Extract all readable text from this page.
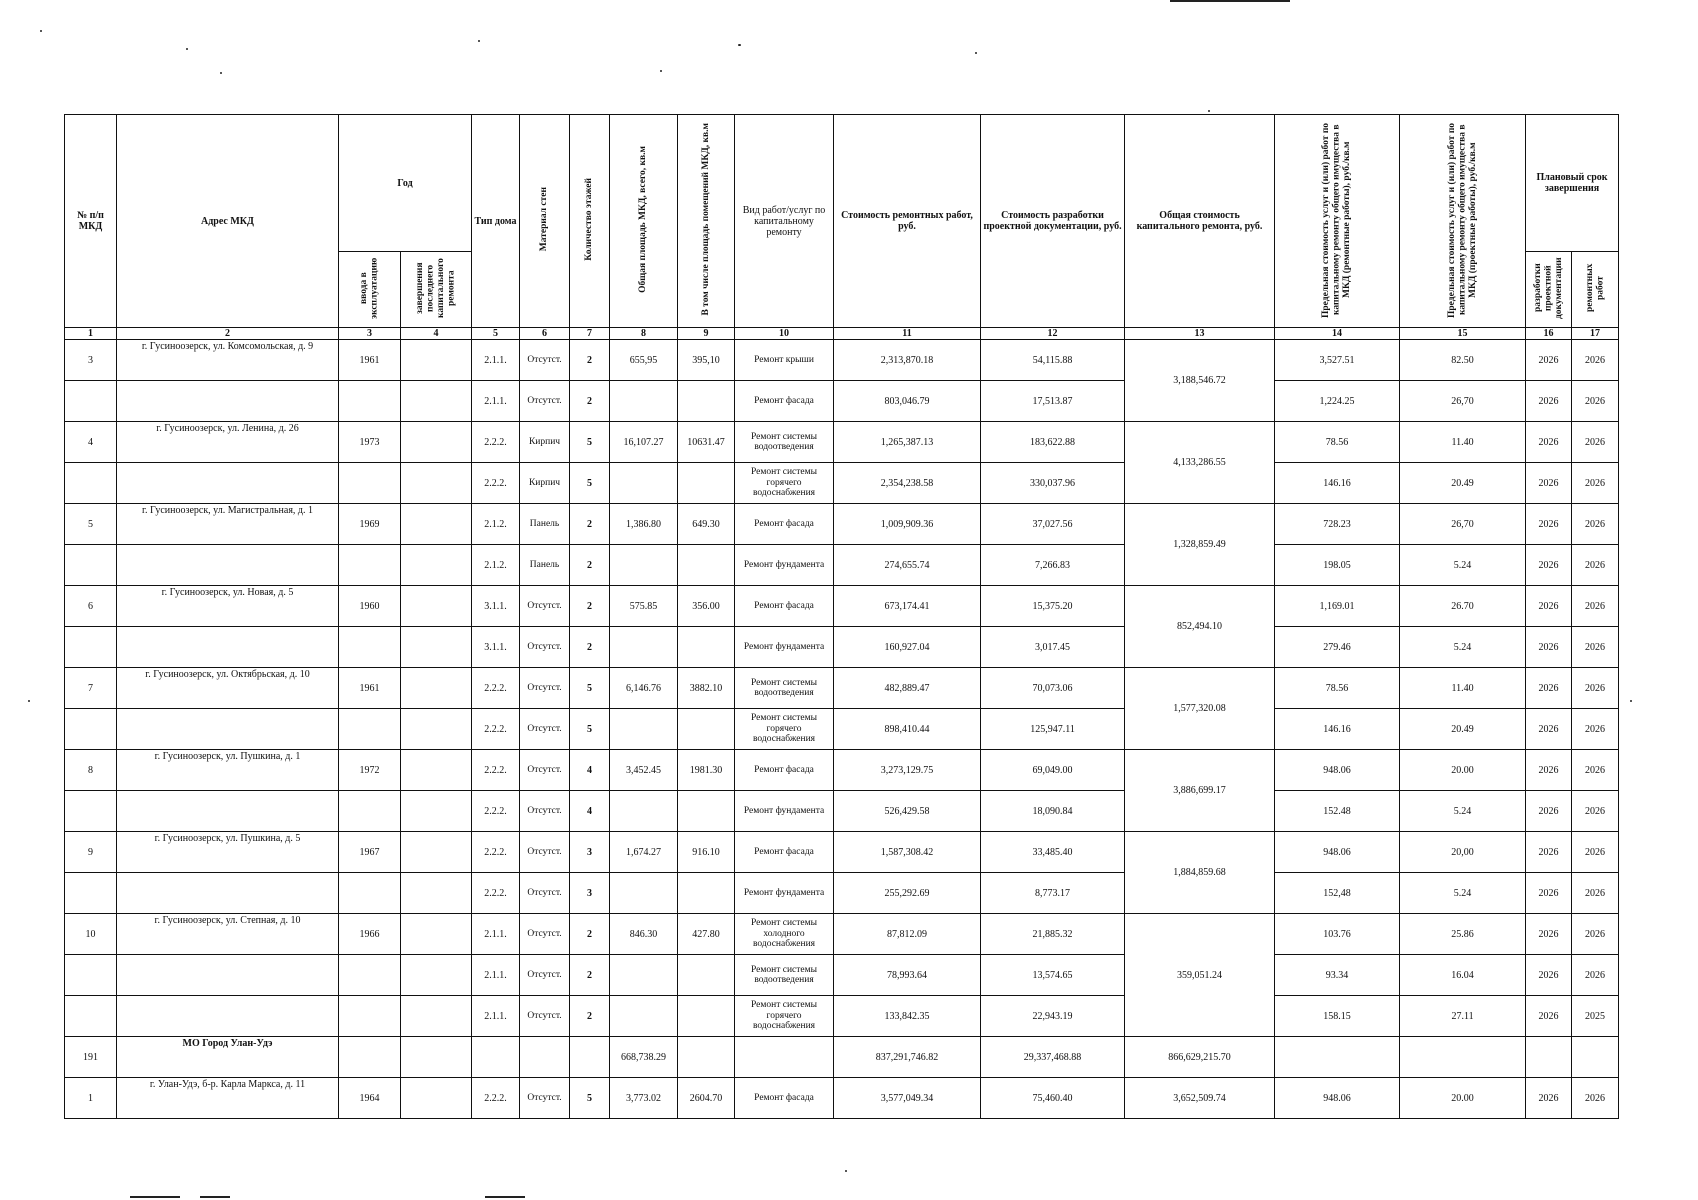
№ п/п МКД	Адрес МКД	Год		Тип дома	Материал стен	Количество этажей	Общая площадь МКД, всего, кв.м	В том числе площадь помещений МКД, кв.м	Вид работ/услуг по капитальному ремонту	Стоимость ремонтных работ, руб.	Стоимость разработки проектной документации, руб.	Общая стоимость капитального ремонта, руб.	Предельная стоимость услуг и (или) работ по капитальному ремонту общего имущества в МКД (ремонтные работы), руб./кв.м	Предельная стоимость услуг и (или) работ по капитальному ремонту общего имущества в МКД (проектные работы), руб./кв.м	Плановый срок завершения	
		ввода в эксплуатацию	завершения последнего капитального ремонта												разработки проектной документации	ремонтных работ
1	2	3	4	5	6	7	8	9	10	11	12	13	14	15	16	17
3	г. Гусиноозерск, ул. Комсомольская, д. 9	1961		2.1.1.	Отсутст.	2	655,95	395,10	Ремонт крыши	2,313,870.18	54,115.88	3,188,546.72	3,527.51	82.50	2026	2026
				2.1.1.	Отсутст.	2			Ремонт фасада	803,046.79	17,513.87		1,224.25	26,70	2026	2026
4	г. Гусиноозерск, ул. Ленина, д. 26	1973		2.2.2.	Кирпич	5	16,107.27	10631.47	Ремонт системы водоотведения	1,265,387.13	183,622.88	4,133,286.55	78.56	11.40	2026	2026
				2.2.2.	Кирпич	5			Ремонт системы горячего водоснабжения	2,354,238.58	330,037.96		146.16	20.49	2026	2026
5	г. Гусиноозерск, ул. Магистральная, д. 1	1969		2.1.2.	Панель	2	1,386.80	649.30	Ремонт фасада	1,009,909.36	37,027.56	1,328,859.49	728.23	26,70	2026	2026
				2.1.2.	Панель	2			Ремонт фундамента	274,655.74	7,266.83		198.05	5.24	2026	2026
6	г. Гусиноозерск, ул. Новая, д. 5	1960		3.1.1.	Отсутст.	2	575.85	356.00	Ремонт фасада	673,174.41	15,375.20	852,494.10	1,169.01	26.70	2026	2026
				3.1.1.	Отсутст.	2			Ремонт фундамента	160,927.04	3,017.45		279.46	5.24	2026	2026
7	г. Гусиноозерск, ул. Октябрьская, д. 10	1961		2.2.2.	Отсутст.	5	6,146.76	3882.10	Ремонт системы водоотведения	482,889.47	70,073.06	1,577,320.08	78.56	11.40	2026	2026
				2.2.2.	Отсутст.	5			Ремонт системы горячего водоснабжения	898,410.44	125,947.11		146.16	20.49	2026	2026
8	г. Гусиноозерск, ул. Пушкина, д. 1	1972		2.2.2.	Отсутст.	4	3,452.45	1981.30	Ремонт фасада	3,273,129.75	69,049.00	3,886,699.17	948.06	20.00	2026	2026
				2.2.2.	Отсутст.	4			Ремонт фундамента	526,429.58	18,090.84		152.48	5.24	2026	2026
9	г. Гусиноозерск, ул. Пушкина, д. 5	1967		2.2.2.	Отсутст.	3	1,674.27	916.10	Ремонт фасада	1,587,308.42	33,485.40	1,884,859.68	948.06	20,00	2026	2026
				2.2.2.	Отсутст.	3			Ремонт фундамента	255,292.69	8,773.17		152,48	5.24	2026	2026
10	г. Гусиноозерск, ул. Степная, д. 10	1966		2.1.1.	Отсутст.	2	846.30	427.80	Ремонт системы холодного водоснабжения	87,812.09	21,885.32	359,051.24	103.76	25.86	2026	2026
				2.1.1.	Отсутст.	2			Ремонт системы водоотведения	78,993.64	13,574.65		93.34	16.04	2026	2026
				2.1.1.	Отсутст.	2			Ремонт системы горячего водоснабжения	133,842.35	22,943.19		158.15	27.11	2026	2025
191	МО Город Улан-Удэ						668,738.29			837,291,746.82	29,337,468.88	866,629,215.70				
1	г. Улан-Удэ, б-р. Карла Маркса, д. 11	1964		2.2.2.	Отсутст.	5	3,773.02	2604.70	Ремонт фасада	3,577,049.34	75,460.40	3,652,509.74	948.06	20.00	2026	2026
